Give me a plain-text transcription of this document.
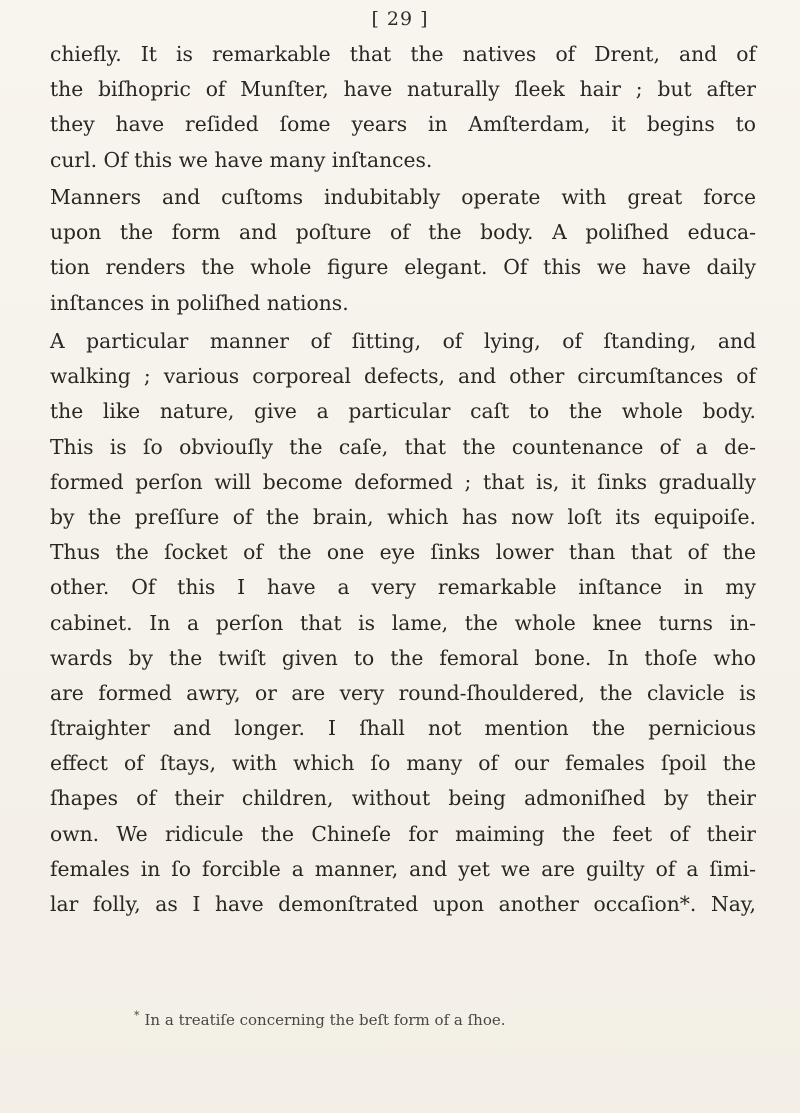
[ 29 ]
chiefly. It is remarkable that the natives of Drent, and of
the biſhopric of Munſter, have naturally ſleek hair ; but after
they have reſided ſome years in Amſterdam, it begins to
curl. Of this we have many inſtances.
Manners and cuſtoms indubitably operate with great force
upon the form and poſture of the body. A poliſhed educa-
tion renders the whole figure elegant. Of this we have daily
inſtances in poliſhed nations.
A particular manner of ſitting, of lying, of ſtanding, and
walking ; various corporeal defects, and other circumſtances of
the like nature, give a particular caſt to the whole body.
This is ſo obviouſly the caſe, that the countenance of a de-
formed perſon will become deformed ; that is, it ſinks gradually
by the preſſure of the brain, which has now loſt its equipoiſe.
Thus the ſocket of the one eye ſinks lower than that of the
other. Of this I have a very remarkable inſtance in my
cabinet. In a perſon that is lame, the whole knee turns in-
wards by the twiſt given to the femoral bone. In thoſe who
are formed awry, or are very round-ſhouldered, the clavicle is
ſtraighter and longer. I ſhall not mention the pernicious
effect of ſtays, with which ſo many of our females ſpoil the
ſhapes of their children, without being admoniſhed by their
own. We ridicule the Chineſe for maiming the feet of their
females in ſo forcible a manner, and yet we are guilty of a ſimi-
lar folly, as I have demonſtrated upon another occaſion*. Nay,
* In a treatiſe concerning the beſt form of a ſhoe.
